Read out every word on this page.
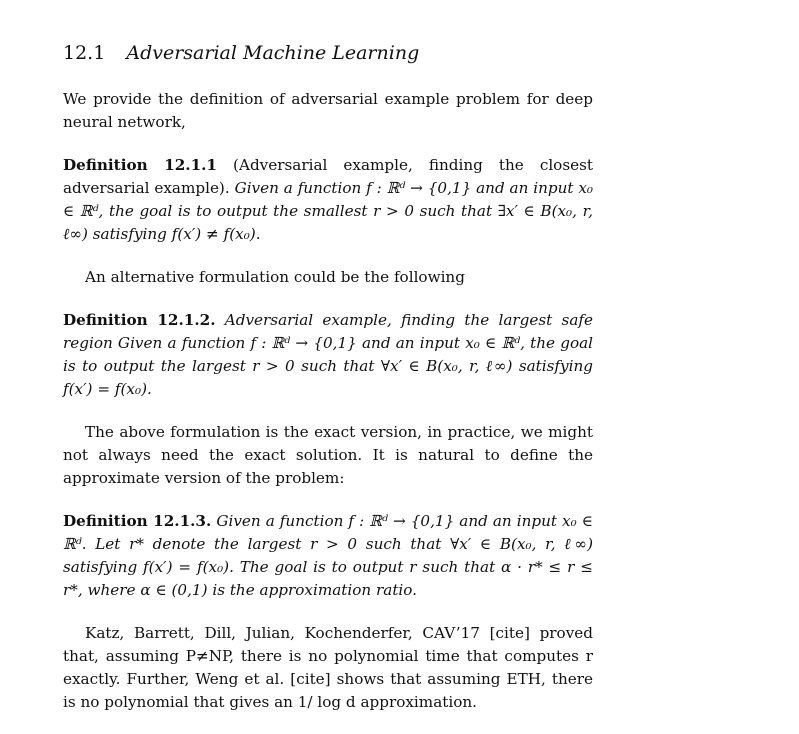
12.1 Adversarial Machine Learning

We provide the definition of adversarial example problem for deep neural network,

Definition 12.1.1 (Adversarial example, finding the closest adversarial example). Given a function f : ℝᵈ → {0,1} and an input x₀ ∈ ℝᵈ, the goal is to output the smallest r > 0 such that ∃x′ ∈ B(x₀, r, ℓ∞) satisfying f(x′) ≠ f(x₀).

An alternative formulation could be the following

Definition 12.1.2. Adversarial example, finding the largest safe region Given a function f : ℝᵈ → {0,1} and an input x₀ ∈ ℝᵈ, the goal is to output the largest r > 0 such that ∀x′ ∈ B(x₀, r, ℓ∞) satisfying f(x′) = f(x₀).

The above formulation is the exact version, in practice, we might not always need the exact solution. It is natural to define the approximate version of the problem:

Definition 12.1.3. Given a function f : ℝᵈ → {0,1} and an input x₀ ∈ ℝᵈ. Let r* denote the largest r > 0 such that ∀x′ ∈ B(x₀, r, ℓ∞) satisfying f(x′) = f(x₀). The goal is to output r such that α · r* ≤ r ≤ r*, where α ∈ (0,1) is the approximation ratio.

Katz, Barrett, Dill, Julian, Kochenderfer, CAV’17 [cite] proved that, assuming P≠NP, there is no polynomial time that computes r exactly. Further, Weng et al. [cite] shows that assuming ETH, there is no polynomial that gives an 1/ log d approximation.
